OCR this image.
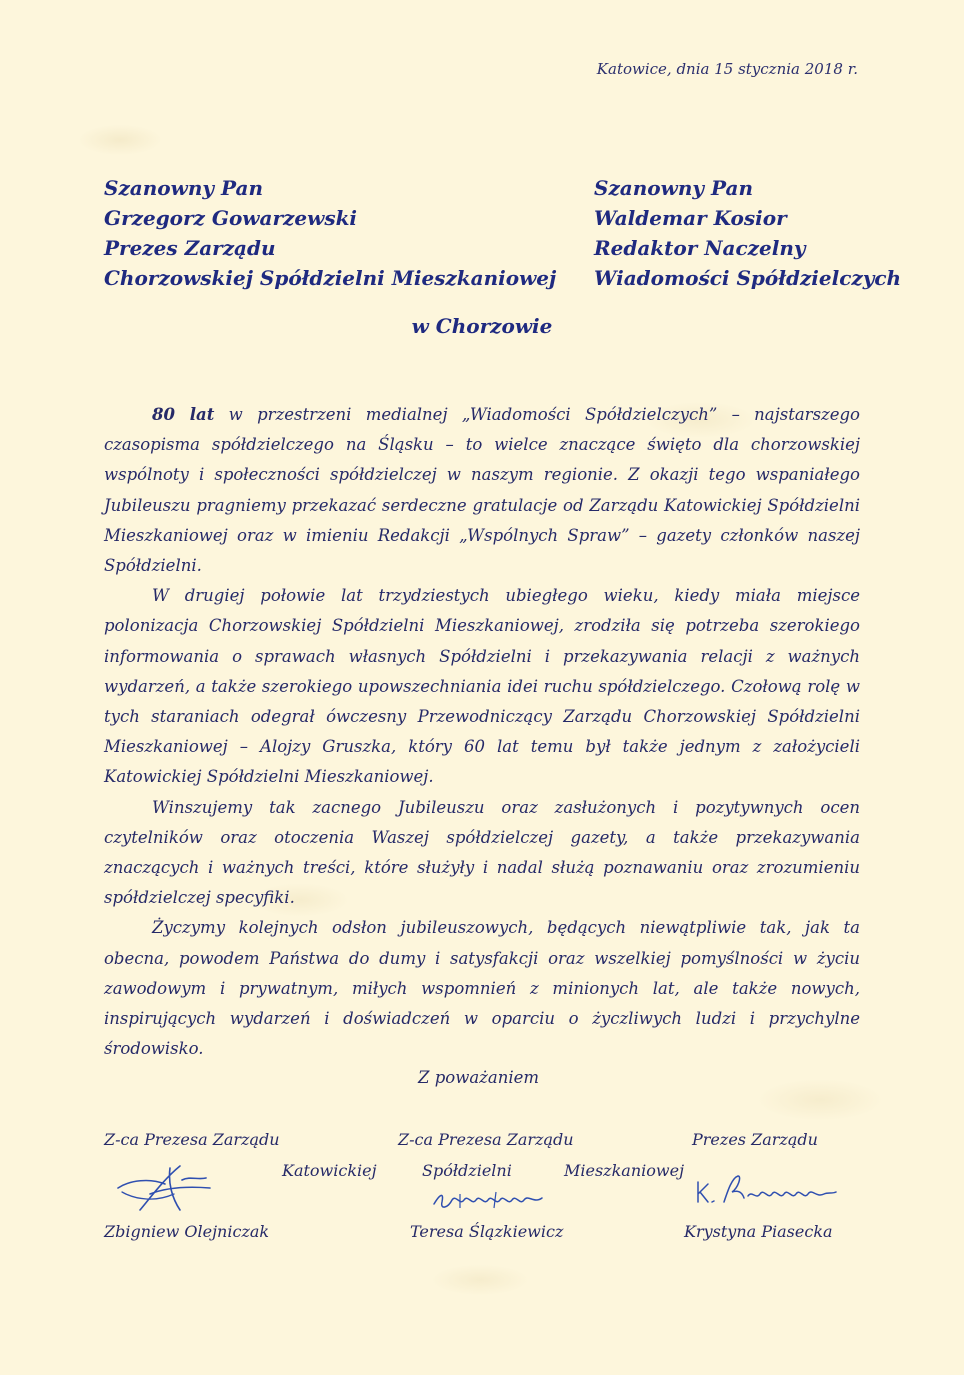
Katowice, dnia 15 stycznia 2018 r.
Szanowny Pan
Grzegorz Gowarzewski
Prezes Zarządu
Chorzowskiej Spółdzielni Mieszkaniowej
Szanowny Pan
Waldemar Kosior
Redaktor Naczelny
Wiadomości Spółdzielczych
w Chorzowie

80 lat w przestrzeni medialnej „Wiadomości Spółdzielczych” – najstarszego czasopisma spółdzielczego na Śląsku – to wielce znaczące święto dla chorzowskiej wspólnoty i społeczności spółdzielczej w naszym regionie. Z okazji tego wspaniałego Jubileuszu pragniemy przekazać serdeczne gratulacje od Zarządu Katowickiej Spółdzielni Mieszkaniowej oraz w imieniu Redakcji „Wspólnych Spraw” – gazety członków naszej Spółdzielni.

W drugiej połowie lat trzydziestych ubiegłego wieku, kiedy miała miejsce polonizacja Chorzowskiej Spółdzielni Mieszkaniowej, zrodziła się potrzeba szerokiego informowania o sprawach własnych Spółdzielni i przekazywania relacji z ważnych wydarzeń, a także szerokiego upowszechniania idei ruchu spółdzielczego. Czołową rolę w tych staraniach odegrał ówczesny Przewodniczący Zarządu Chorzowskiej Spółdzielni Mieszkaniowej – Alojzy Gruszka, który 60 lat temu był także jednym z założycieli Katowickiej Spółdzielni Mieszkaniowej.

Winszujemy tak zacnego Jubileuszu oraz zasłużonych i pozytywnych ocen czytelników oraz otoczenia Waszej spółdzielczej gazety, a także przekazywania znaczących i ważnych treści, które służyły i nadal służą poznawaniu oraz zrozumieniu spółdzielczej specyfiki.

Życzymy kolejnych odsłon jubileuszowych, będących niewątpliwie tak, jak ta obecna, powodem Państwa do dumy i satysfakcji oraz wszelkiej pomyślności w życiu zawodowym i prywatnym, miłych wspomnień z minionych lat, ale także nowych, inspirujących wydarzeń i doświadczeń w oparciu o życzliwych ludzi i przychylne środowisko.

Z poważaniem
Z-ca Prezesa Zarządu	Z-ca Prezesa Zarządu	Prezes Zarządu
Katowickiej	Spółdzielni	Mieszkaniowej
Zbigniew Olejniczak	Teresa Ślązkiewicz	Krystyna Piasecka
